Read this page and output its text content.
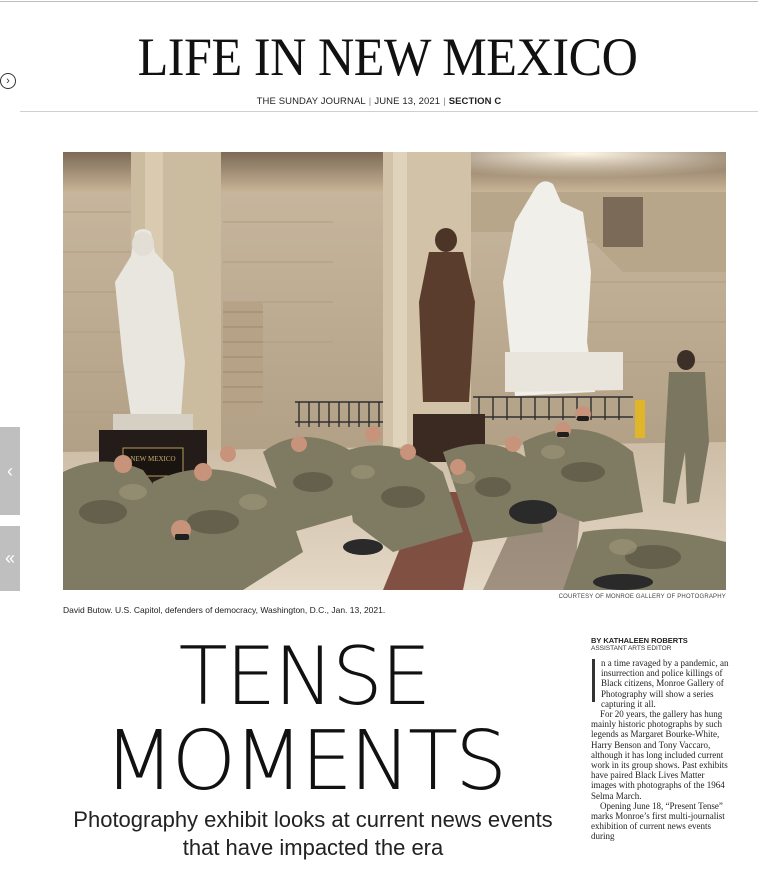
›	LIFE IN NEW MEXICO
THE SUNDAY JOURNAL | JUNE 13, 2021 | SECTION C
‹
«
NEW MEXICO
COURTESY OF MONROE GALLERY OF PHOTOGRAPHY
David Butow. U.S. Capitol, defenders of democracy, Washington, D.C., Jan. 13, 2021.
TENSE
MOMENTS
Photography exhibit looks at current news events
that have impacted the era
BY KATHALEEN ROBERTS
ASSISTANT ARTS EDITOR

n a time ravaged by a pandemic, an insurrection and police killings of Black citizens, Monroe Gallery of Photography will show a series capturing it all.

For 20 years, the gallery has hung mainly historic photographs by such legends as Margaret Bourke-White, Harry Benson and Tony Vaccaro, although it has long included current work in its group shows. Past exhibits have paired Black Lives Matter images with photographs of the 1964 Selma March.

Opening June 18, “Present Tense” marks Monroe’s first multi-journalist exhibition of current news events during
